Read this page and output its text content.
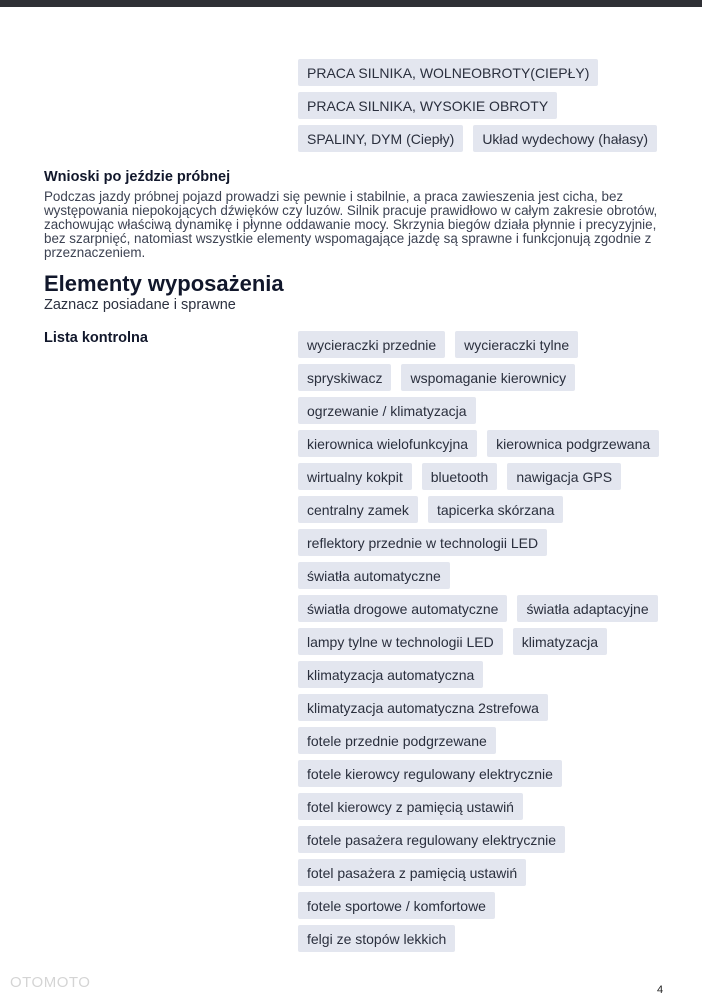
PRACA SILNIKA, WOLNEOBROTY(CIEPŁY)
PRACA SILNIKA, WYSOKIE OBROTY
SPALINY, DYM (Ciepły)	Układ wydechowy (hałasy)
Wnioski po jeździe próbnej
Podczas jazdy próbnej pojazd prowadzi się pewnie i stabilnie, a praca zawieszenia jest cicha, bez występowania niepokojących dźwięków czy luzów. Silnik pracuje prawidłowo w całym zakresie obrotów, zachowując właściwą dynamikę i płynne oddawanie mocy. Skrzynia biegów działa płynnie i precyzyjnie, bez szarpnięć, natomiast wszystkie elementy wspomagające jazdę są sprawne i funkcjonują zgodnie z przeznaczeniem.
Elementy wyposażenia
Zaznacz posiadane i sprawne
Lista kontrolna	wycieraczki przednie	wycieraczki tylne
spryskiwacz	wspomaganie kierownicy
ogrzewanie / klimatyzacja
kierownica wielofunkcyjna	kierownica podgrzewana
wirtualny kokpit	bluetooth	nawigacja GPS
centralny zamek	tapicerka skórzana
reflektory przednie w technologii LED
światła automatyczne
światła drogowe automatyczne	światła adaptacyjne
lampy tylne w technologii LED	klimatyzacja
klimatyzacja automatyczna
klimatyzacja automatyczna 2strefowa
fotele przednie podgrzewane
fotele kierowcy regulowany elektrycznie
fotel kierowcy z pamięcią ustawiń
fotele pasażera regulowany elektrycznie
fotel pasażera z pamięcią ustawiń
fotele sportowe / komfortowe
felgi ze stopów lekkich
OTOMOTO	4
